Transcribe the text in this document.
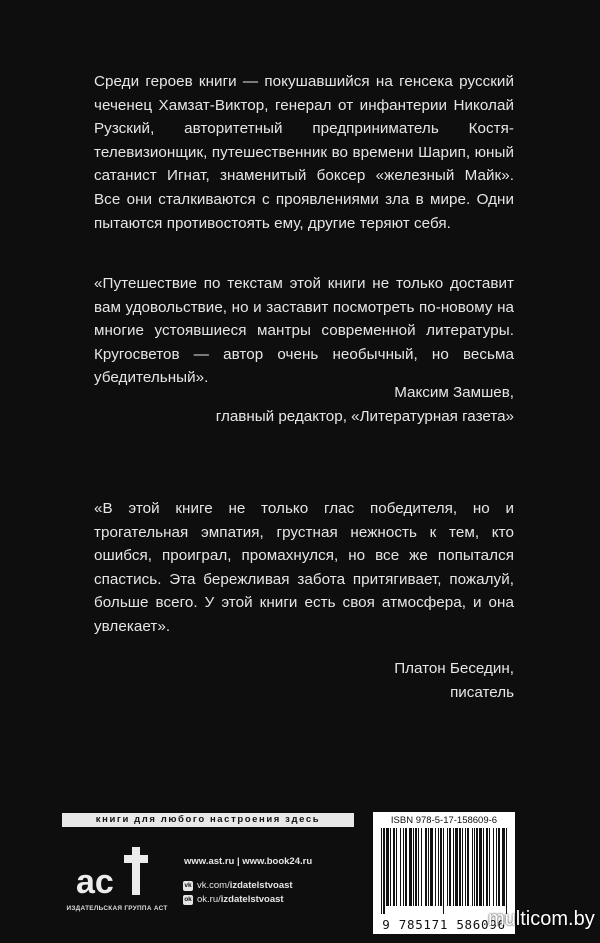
Среди героев книги — покушавшийся на генсека русский чеченец Хамзат-Виктор, генерал от инфантерии Николай Рузский, авторитетный предприниматель Костя-телевизионщик, путешественник во времени Шарип, юный сатанист Игнат, знаменитый боксер «железный Майк». Все они сталкиваются с проявлениями зла в мире. Одни пытаются противостоять ему, другие теряют себя.

«Путешествие по текстам этой книги не только доставит вам удовольствие, но и заставит посмотреть по-новому на многие устоявшиеся мантры современной литературы. Кругосветов — автор очень необычный, но весьма убедительный».

Максим Замшев,
главный редактор, «Литературная газета»

«В этой книге не только глас победителя, но и трогательная эмпатия, грустная нежность к тем, кто ошибся, проиграл, промахнулся, но все же попытался спастись. Эта бережливая забота притягивает, пожалуй, больше всего. У этой книги есть своя атмосфера, и она увлекает».

Платон Беседин,
писатель
книги для любого настроения здесь
ac
ИЗДАТЕЛЬСКАЯ ГРУППА АСТ
www.ast.ru | www.book24.ru
vk vk.com/izdatelstvoast
ok ok.ru/izdatelstvoast
ISBN 978-5-17-158609-6
9 785171 586096
multicom.by
